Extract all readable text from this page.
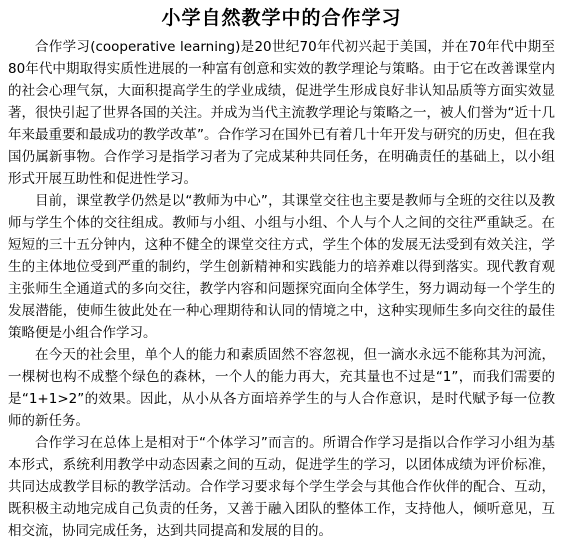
小学自然教学中的合作学习

合作学习(cooperative learning)是20世纪70年代初兴起于美国，并在70年代中期至80年代中期取得实质性进展的一种富有创意和实效的教学理论与策略。由于它在改善课堂内的社会心理气氛，大面积提高学生的学业成绩，促进学生形成良好非认知品质等方面实效显著，很快引起了世界各国的关注。并成为当代主流教学理论与策略之一，被人们誉为“近十几年来最重要和最成功的教学改革”。合作学习在国外已有着几十年开发与研究的历史，但在我国仍属新事物。合作学习是指学习者为了完成某种共同任务，在明确责任的基础上，以小组形式开展互助性和促进性学习。

目前，课堂教学仍然是以“教师为中心”，其课堂交往也主要是教师与全班的交往以及教师与学生个体的交往组成。教师与小组、小组与小组、个人与个人之间的交往严重缺乏。在短短的三十五分钟内，这种不健全的课堂交往方式，学生个体的发展无法受到有效关注，学生的主体地位受到严重的制约，学生创新精神和实践能力的培养难以得到落实。现代教育观主张师生全通道式的多向交往，教学内容和问题探究面向全体学生，努力调动每一个学生的发展潜能，使师生彼此处在一种心理期待和认同的情境之中，这种实现师生多向交往的最佳策略便是小组合作学习。

在今天的社会里，单个人的能力和素质固然不容忽视，但一滴水永远不能称其为河流，一棵树也构不成整个绿色的森林，一个人的能力再大，充其量也不过是“1”，而我们需要的是“1+1>2”的效果。因此，从小从各方面培养学生的与人合作意识，是时代赋予每一位教师的新任务。

合作学习在总体上是相对于“个体学习”而言的。所谓合作学习是指以合作学习小组为基本形式，系统利用教学中动态因素之间的互动，促进学生的学习，以团体成绩为评价标准，共同达成教学目标的教学活动。合作学习要求每个学生学会与其他合作伙伴的配合、互动，既积极主动地完成自己负责的任务，又善于融入团队的整体工作，支持他人，倾听意见，互相交流，协同完成任务，达到共同提高和发展的目的。
